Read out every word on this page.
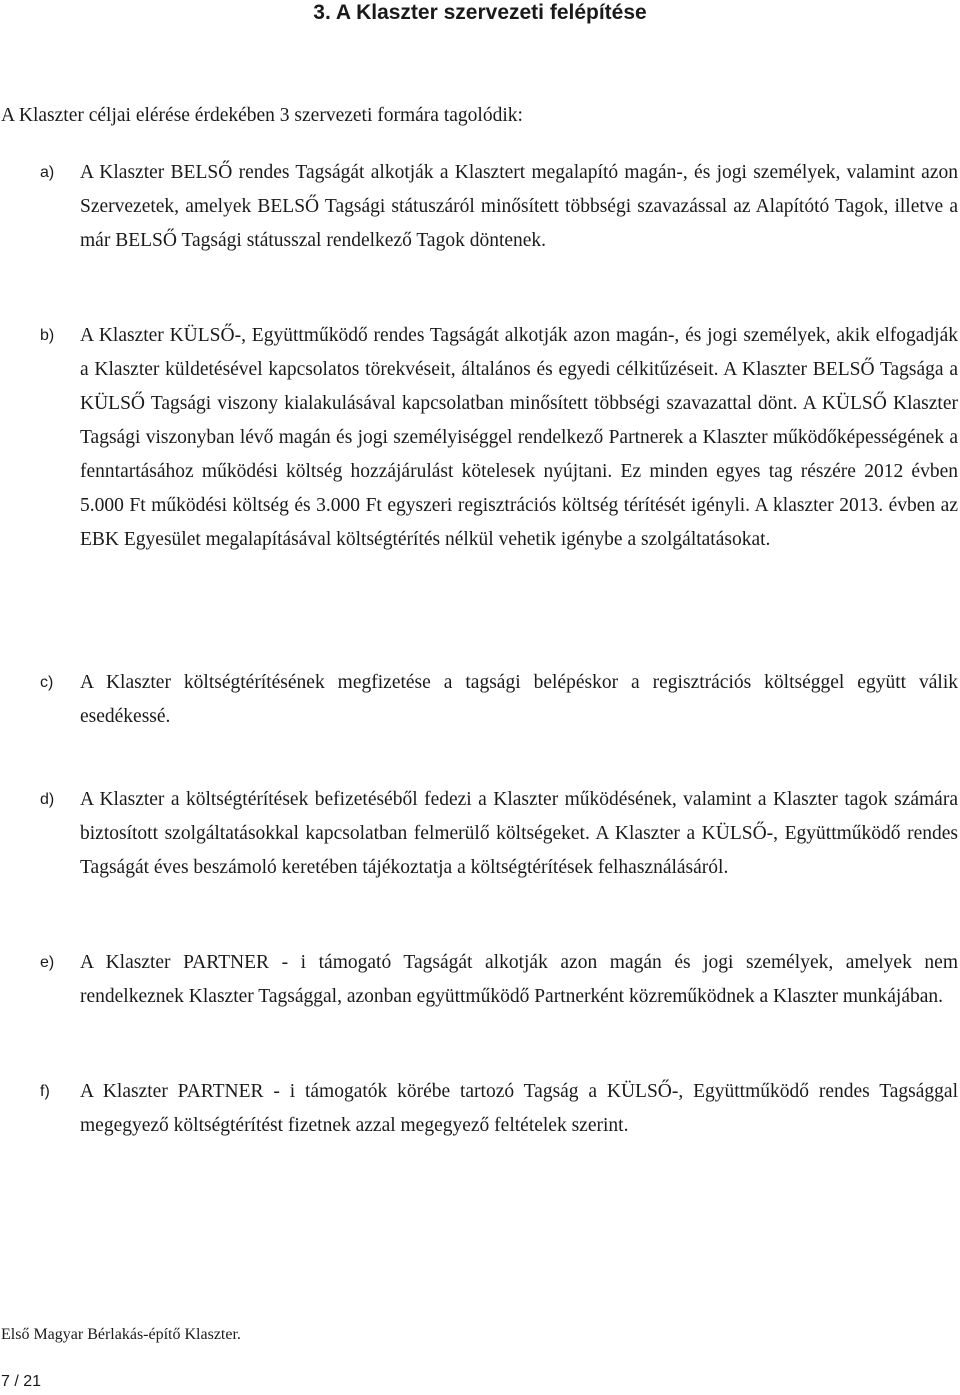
3. A Klaszter szervezeti felépítése

A Klaszter céljai elérése érdekében 3 szervezeti formára tagolódik:

a) A Klaszter BELSŐ rendes Tagságát alkotják a Klasztert megalapító magán-, és jogi személyek, valamint azon Szervezetek, amelyek BELSŐ Tagsági státuszáról minősített többségi szavazással az Alapítótó Tagok, illetve a már BELSŐ Tagsági státusszal rendelkező Tagok döntenek.

b) A Klaszter KÜLSŐ-, Együttműködő rendes Tagságát alkotják azon magán-, és jogi személyek, akik elfogadják a Klaszter küldetésével kapcsolatos törekvéseit, általános és egyedi célkitűzéseit. A Klaszter BELSŐ Tagsága a KÜLSŐ Tagsági viszony kialakulásával kapcsolatban minősített többségi szavazattal dönt. A KÜLSŐ Klaszter Tagsági viszonyban lévő magán és jogi személyiséggel rendelkező Partnerek a Klaszter működőképességének a fenntartásához működési költség hozzájárulást kötelesek nyújtani. Ez minden egyes tag részére 2012 évben 5.000 Ft működési költség és 3.000 Ft egyszeri regisztrációs költség térítését igényli. A klaszter 2013. évben az EBK Egyesület megalapításával költségtérítés nélkül vehetik igénybe a szolgáltatásokat.

c) A Klaszter költségtérítésének megfizetése a tagsági belépéskor a regisztrációs költséggel együtt válik esedékessé.

d) A Klaszter a költségtérítések befizetéséből fedezi a Klaszter működésének, valamint a Klaszter tagok számára biztosított szolgáltatásokkal kapcsolatban felmerülő költségeket. A Klaszter a KÜLSŐ-, Együttműködő rendes Tagságát éves beszámoló keretében tájékoztatja a költségtérítések felhasználásáról.

e) A Klaszter PARTNER - i támogató Tagságát alkotják azon magán és jogi személyek, amelyek nem rendelkeznek Klaszter Tagsággal, azonban együttműködő Partnerként közreműködnek a Klaszter munkájában.

f) A Klaszter PARTNER - i támogatók körébe tartozó Tagság a KÜLSŐ-, Együttműködő rendes Tagsággal megegyező költségtérítést fizetnek azzal megegyező feltételek szerint.

Első Magyar Bérlakás-építő Klaszter.
7 / 21
